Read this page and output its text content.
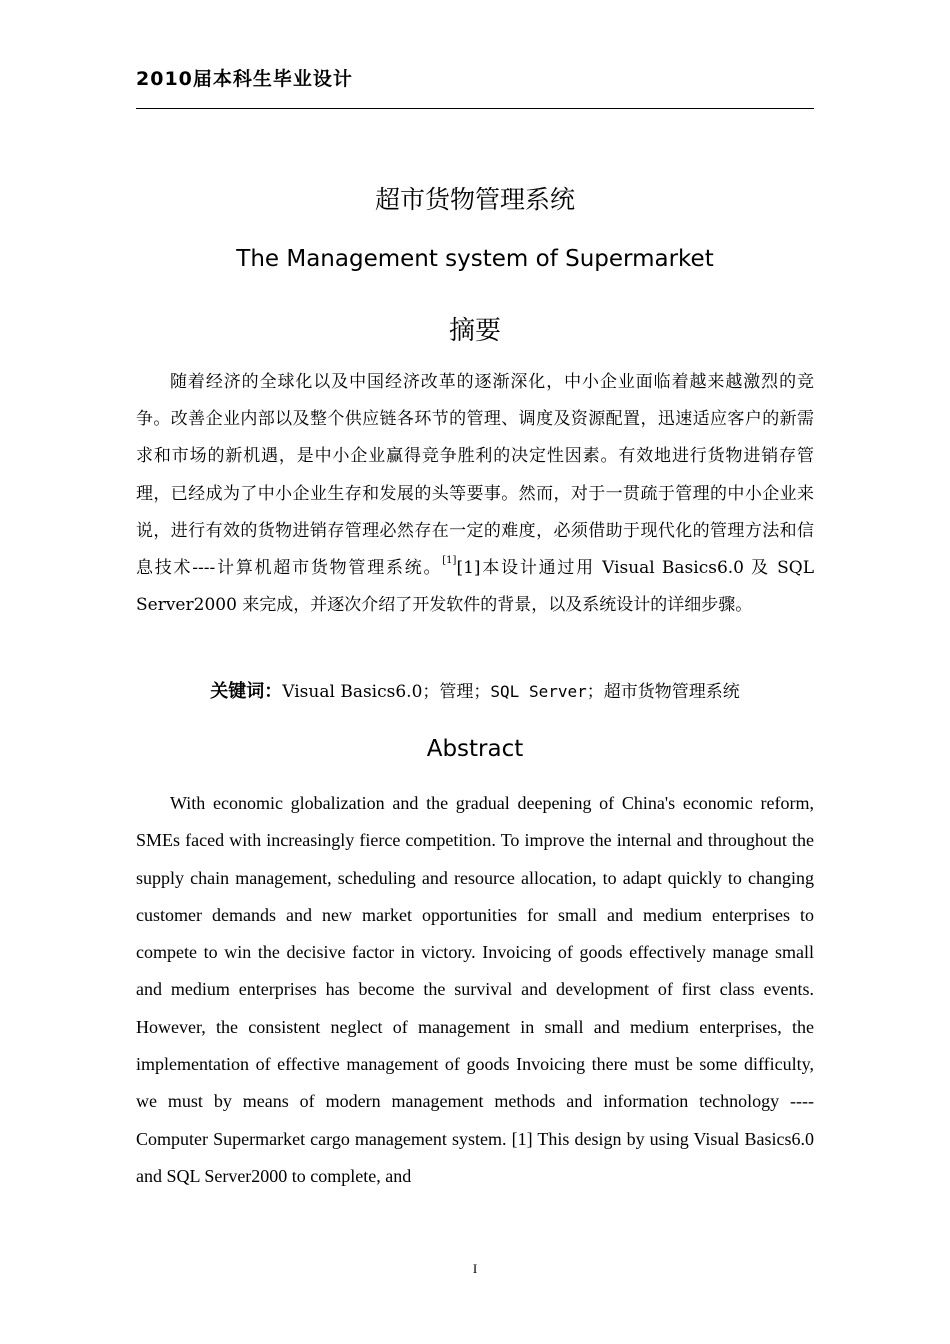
2010届本科生毕业设计
超市货物管理系统
The Management system of Supermarket
摘要
随着经济的全球化以及中国经济改革的逐渐深化，中小企业面临着越来越激烈的竞争。改善企业内部以及整个供应链各环节的管理、调度及资源配置，迅速适应客户的新需求和市场的新机遇，是中小企业赢得竞争胜利的决定性因素。有效地进行货物进销存管理，已经成为了中小企业生存和发展的头等要事。然而，对于一贯疏于管理的中小企业来说，进行有效的货物进销存管理必然存在一定的难度，必须借助于现代化的管理方法和信息技术----计算机超市货物管理系统。[1][1]本设计通过用 Visual Basics6.0 及 SQL Server2000 来完成，并逐次介绍了开发软件的背景，以及系统设计的详细步骤。
关键词：Visual Basics6.0；管理；SQL Server；超市货物管理系统
Abstract
With economic globalization and the gradual deepening of China's economic reform, SMEs faced with increasingly fierce competition. To improve the internal and throughout the supply chain management, scheduling and resource allocation, to adapt quickly to changing customer demands and new market opportunities for small and medium enterprises to compete to win the decisive factor in victory. Invoicing of goods effectively manage small and medium enterprises has become the survival and development of first class events. However, the consistent neglect of management in small and medium enterprises, the implementation of effective management of goods Invoicing there must be some difficulty, we must by means of modern management methods and information technology ---- Computer Supermarket cargo management system. [1] This design by using Visual Basics6.0 and SQL Server2000 to complete, and
I
